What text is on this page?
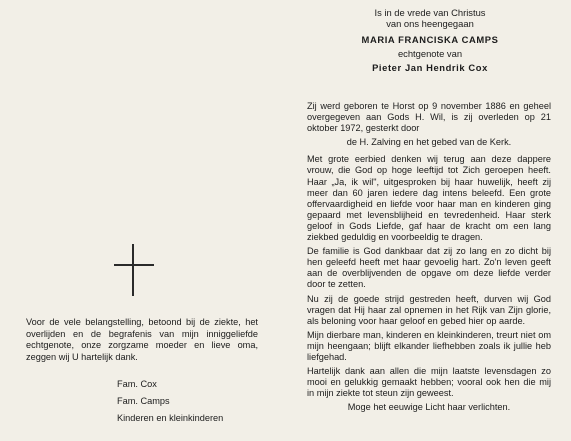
Voor de vele belangstelling, betoond bij de ziekte, het overlijden en de begrafenis van mijn inniggeliefde echtgenote, onze zorgzame moeder en lieve oma, zeggen wij U hartelijk dank.
Fam. Cox
Fam. Camps
Kinderen en kleinkinderen
Is in de vrede van Christus
van ons heengegaan
MARIA FRANCISKA CAMPS
echtgenote van
Pieter Jan Hendrik Cox

Zij werd geboren te Horst op 9 november 1886 en geheel overgegeven aan Gods H. Wil, is zij overleden op 21 oktober 1972, gesterkt door

de H. Zalving en het gebed van de Kerk.

Met grote eerbied denken wij terug aan deze dappere vrouw, die God op hoge leeftijd tot Zich geroepen heeft. Haar „Ja, ik wil", uitgesproken bij haar huwelijk, heeft zij meer dan 60 jaren iedere dag intens beleefd. Een grote offervaardigheid en liefde voor haar man en kinderen ging gepaard met levensblijheid en tevredenheid. Haar sterk geloof in Gods Liefde, gaf haar de kracht om een lang ziekbed geduldig en voorbeeldig te dragen.

De familie is God dankbaar dat zij zo lang en zo dicht bij hen geleefd heeft met haar gevoelig hart. Zo'n leven geeft aan de overblijvenden de opgave om deze liefde verder door te zetten.

Nu zij de goede strijd gestreden heeft, durven wij God vragen dat Hij haar zal opnemen in het Rijk van Zijn glorie, als beloning voor haar geloof en gebed hier op aarde.

Mijn dierbare man, kinderen en kleinkinderen, treurt niet om mijn heengaan; blijft elkander liefhebben zoals ik jullie heb liefgehad.

Hartelijk dank aan allen die mijn laatste levensdagen zo mooi en gelukkig gemaakt hebben; vooral ook hen die mij in mijn ziekte tot steun zijn geweest.

Moge het eeuwige Licht haar verlichten.
